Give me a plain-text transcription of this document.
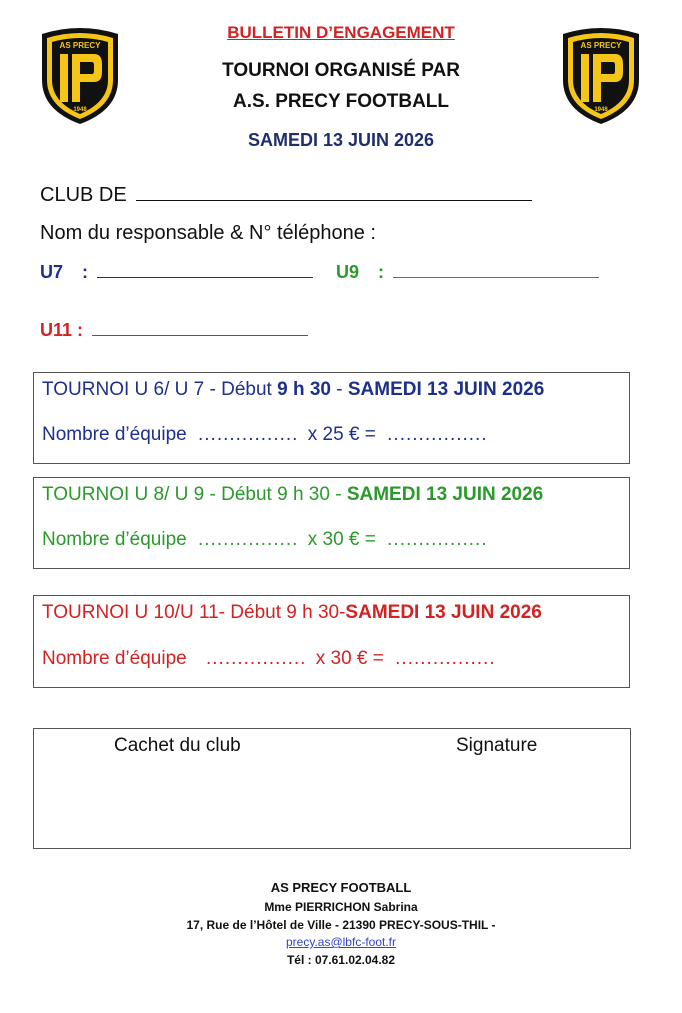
AS PRECY
1948
AS PRECY
1948
BULLETIN D’ENGAGEMENT
TOURNOI ORGANISÉ PAR
A.S. PRECY FOOTBALL
SAMEDI 13 JUIN 2026
CLUB DE
Nom du responsable & N° téléphone :
U7 :	U9 :
U11 :
TOURNOI U 6/ U 7 - Début 9 h 30 - SAMEDI 13 JUIN 2026
Nombre d’équipe ................ x 25 € = ................
TOURNOI U 8/ U 9 - Début 9 h 30 - SAMEDI 13 JUIN 2026
Nombre d’équipe ................ x 30 € = ................
TOURNOI U 10/U 11- Début 9 h 30-SAMEDI 13 JUIN 2026
Nombre d’équipe ................ x 30 € = ................
Cachet du club	Signature
AS PRECY FOOTBALL
Mme PIERRICHON Sabrina
17, Rue de l’Hôtel de Ville - 21390 PRECY-SOUS-THIL -
precy.as@lbfc-foot.fr
Tél : 07.61.02.04.82
